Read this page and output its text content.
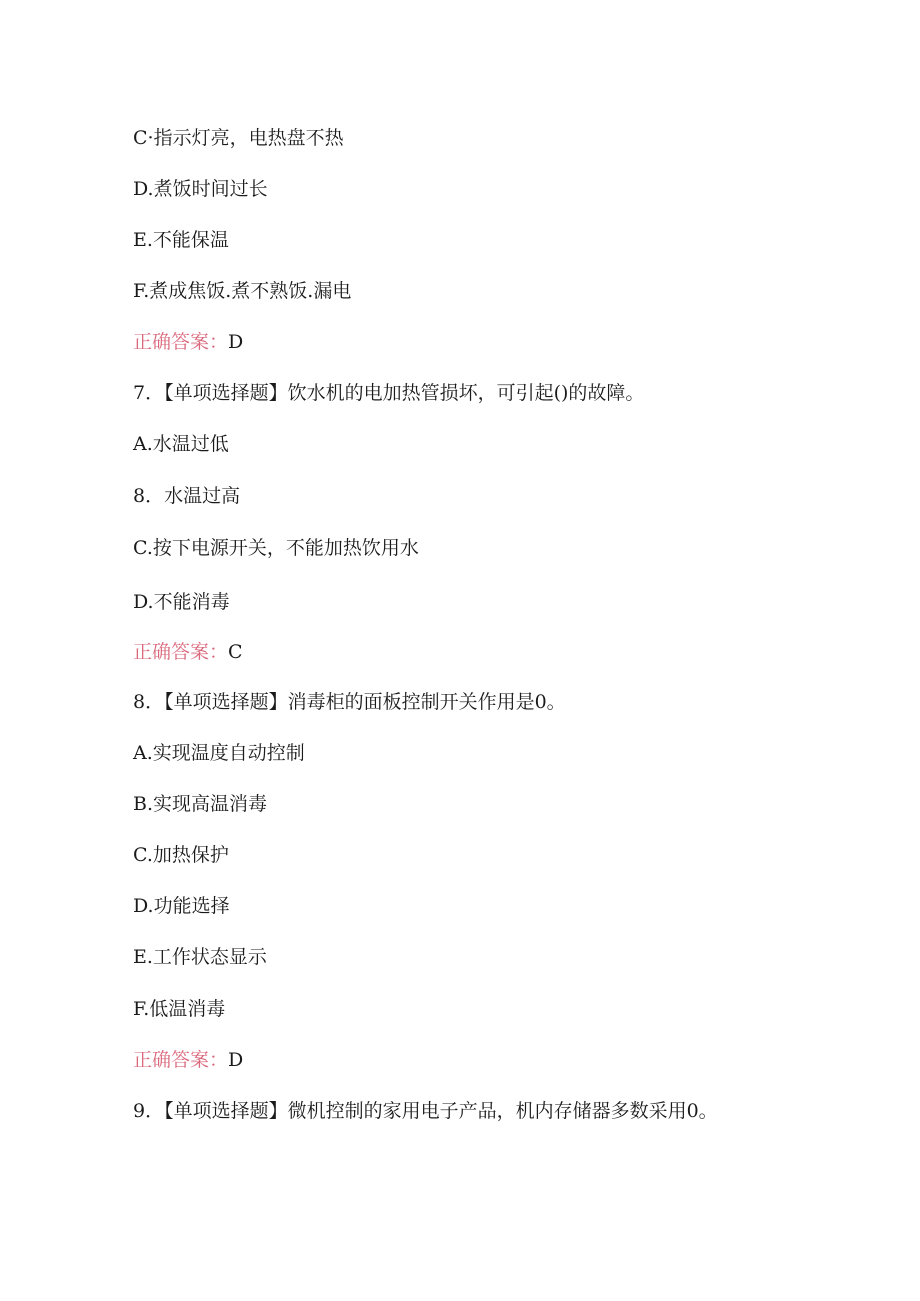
C·指示灯亮，电热盘不热
D.煮饭时间过长
E.不能保温
F.煮成焦饭.煮不熟饭.漏电
正确答案：D
7．【单项选择题】饮水机的电加热管损坏，可引起()的故障。
A.水温过低
8．水温过高
C.按下电源开关，不能加热饮用水
D.不能消毒
正确答案：C
8．【单项选择题】消毒柜的面板控制开关作用是0。
A.实现温度自动控制
B.实现高温消毒
C.加热保护
D.功能选择
E.工作状态显示
F.低温消毒
正确答案：D
9．【单项选择题】微机控制的家用电子产品，机内存储器多数采用0。
